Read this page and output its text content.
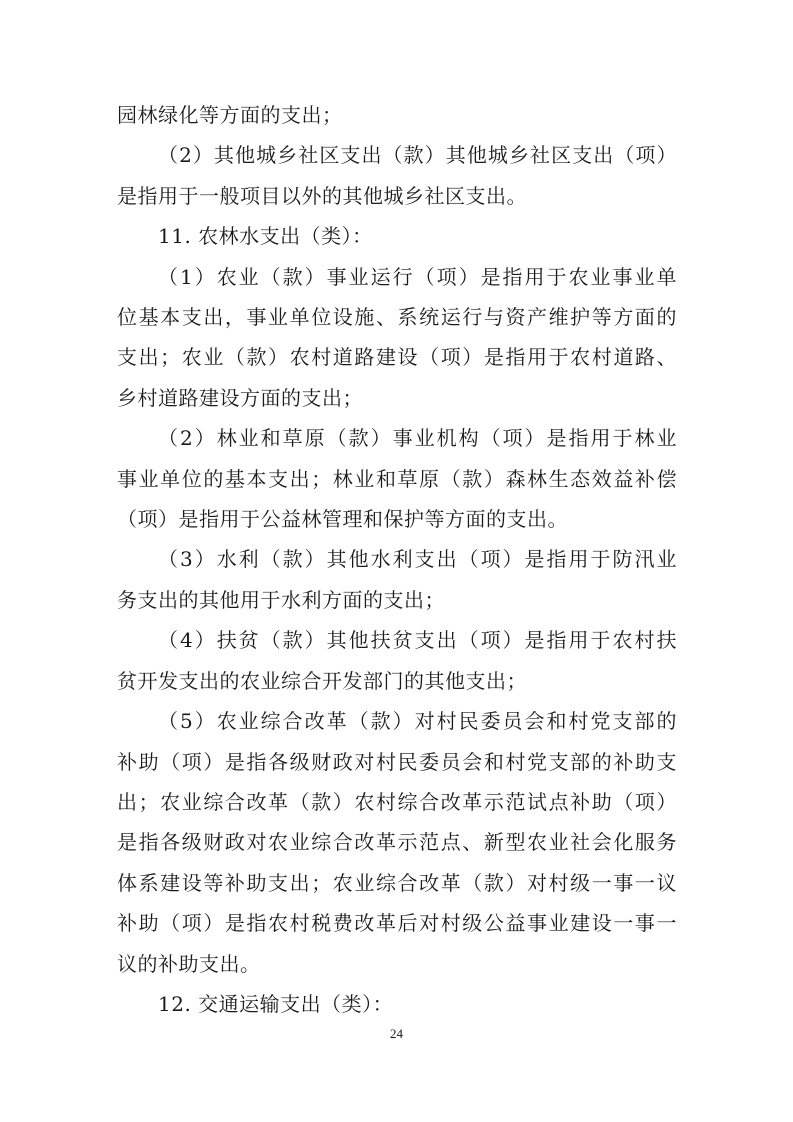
园林绿化等方面的支出；
（2）其他城乡社区支出（款）其他城乡社区支出（项）
是指用于一般项目以外的其他城乡社区支出。
11. 农林水支出（类）：
（1）农业（款）事业运行（项）是指用于农业事业单
位基本支出，事业单位设施、系统运行与资产维护等方面的
支出；农业（款）农村道路建设（项）是指用于农村道路、
乡村道路建设方面的支出；
（2）林业和草原（款）事业机构（项）是指用于林业
事业单位的基本支出；林业和草原（款）森林生态效益补偿
（项）是指用于公益林管理和保护等方面的支出。
（3）水利（款）其他水利支出（项）是指用于防汛业
务支出的其他用于水利方面的支出；
（4）扶贫（款）其他扶贫支出（项）是指用于农村扶
贫开发支出的农业综合开发部门的其他支出；
（5）农业综合改革（款）对村民委员会和村党支部的
补助（项）是指各级财政对村民委员会和村党支部的补助支
出；农业综合改革（款）农村综合改革示范试点补助（项）
是指各级财政对农业综合改革示范点、新型农业社会化服务
体系建设等补助支出；农业综合改革（款）对村级一事一议
补助（项）是指农村税费改革后对村级公益事业建设一事一
议的补助支出。
12. 交通运输支出（类）：
24
